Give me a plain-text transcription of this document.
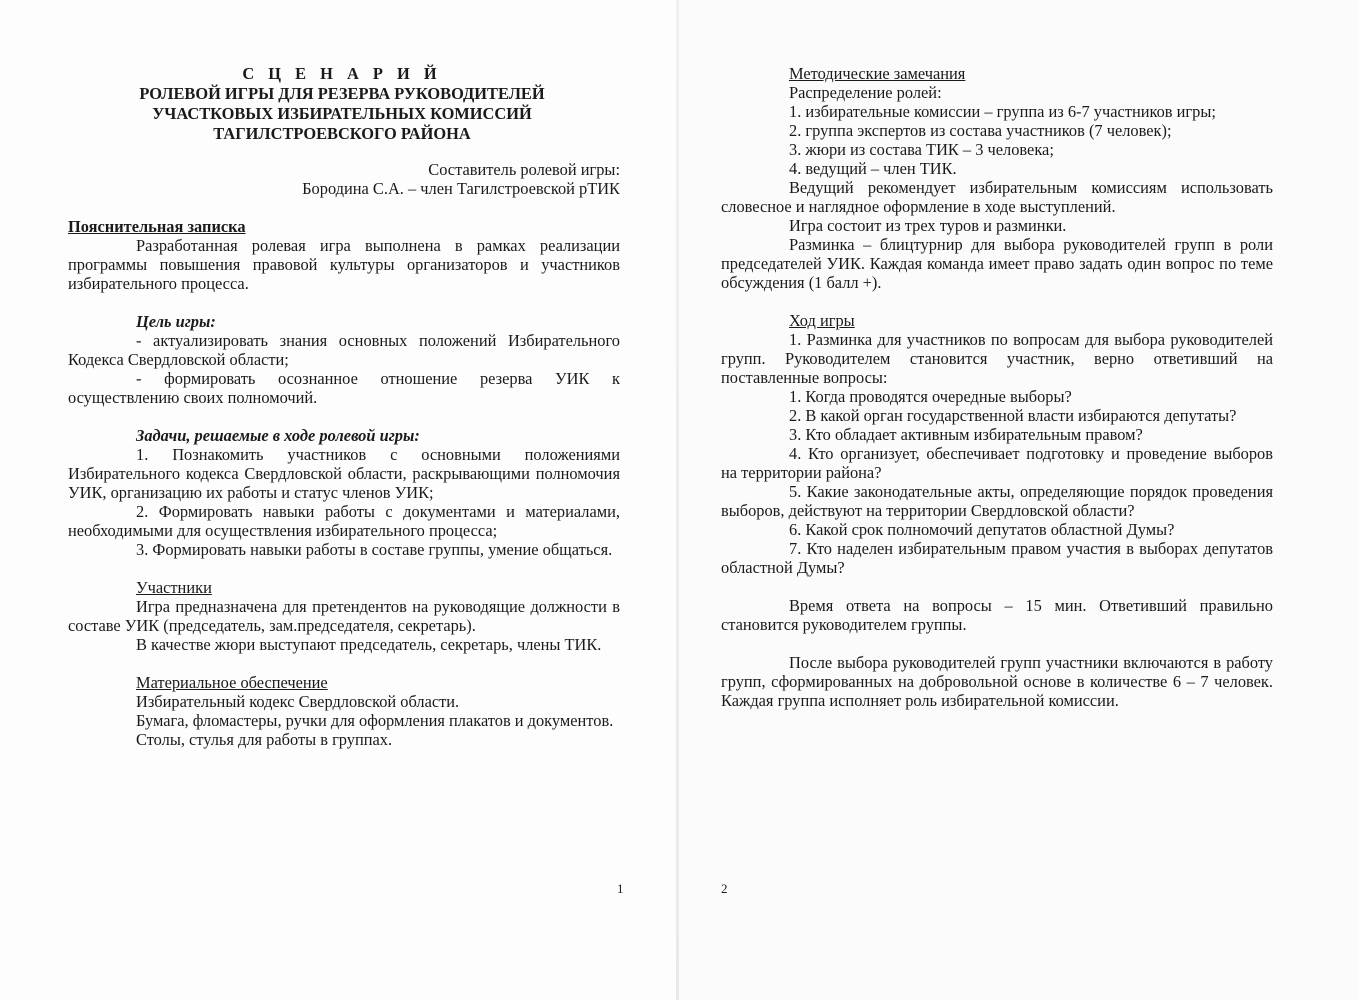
С Ц Е Н А Р И Й
РОЛЕВОЙ ИГРЫ ДЛЯ РЕЗЕРВА РУКОВОДИТЕЛЕЙ
УЧАСТКОВЫХ ИЗБИРАТЕЛЬНЫХ КОМИССИЙ
ТАГИЛСТРОЕВСКОГО РАЙОНА
Составитель ролевой игры:
Бородина С.А. – член Тагилстроевской рТИК

Пояснительная записка

Разработанная ролевая игра выполнена в рамках реализации программы повышения правовой культуры организаторов и участников избирательного процесса.

Цель игры:

- актуализировать знания основных положений Избирательного Кодекса Свердловской области;

- формировать осознанное отношение резерва УИК к осуществлению своих полномочий.

Задачи, решаемые в ходе ролевой игры:

1. Познакомить участников с основными положениями Избирательного кодекса Свердловской области, раскрывающими полномочия УИК, организацию их работы и статус членов УИК;

2. Формировать навыки работы с документами и материалами, необходимыми для осуществления избирательного процесса;

3. Формировать навыки работы в составе группы, умение общаться.

Участники

Игра предназначена для претендентов на руководящие должности в составе УИК (председатель, зам.председателя, секретарь).

В качестве жюри выступают председатель, секретарь, члены ТИК.

Материальное обеспечение

Избирательный кодекс Свердловской области.

Бумага, фломастеры, ручки для оформления плакатов и документов.

Столы, стулья для работы в группах.

1

Методические замечания

Распределение ролей:

1. избирательные комиссии – группа из 6-7 участников игры;

2. группа экспертов из состава участников (7 человек);

3. жюри из состава ТИК – 3 человека;

4. ведущий – член ТИК.

Ведущий рекомендует избирательным комиссиям использовать словесное и наглядное оформление в ходе выступлений.

Игра состоит из трех туров и разминки.

Разминка – блицтурнир для выбора руководителей групп в роли председателей УИК. Каждая команда имеет право задать один вопрос по теме обсуждения (1 балл +).

Ход игры

1. Разминка для участников по вопросам для выбора руководителей групп. Руководителем становится участник, верно ответивший на поставленные вопросы:

1. Когда проводятся очередные выборы?

2. В какой орган государственной власти избираются депутаты?

3. Кто обладает активным избирательным правом?

4. Кто организует, обеспечивает подготовку и проведение выборов на территории района?

5. Какие законодательные акты, определяющие порядок проведения выборов, действуют на территории Свердловской области?

6. Какой срок полномочий депутатов областной Думы?

7. Кто наделен избирательным правом участия в выборах депутатов областной Думы?

Время ответа на вопросы – 15 мин. Ответивший правильно становится руководителем группы.

После выбора руководителей групп участники включаются в работу групп, сформированных на добровольной основе в количестве 6 – 7 человек. Каждая группа исполняет роль избирательной комиссии.

2
